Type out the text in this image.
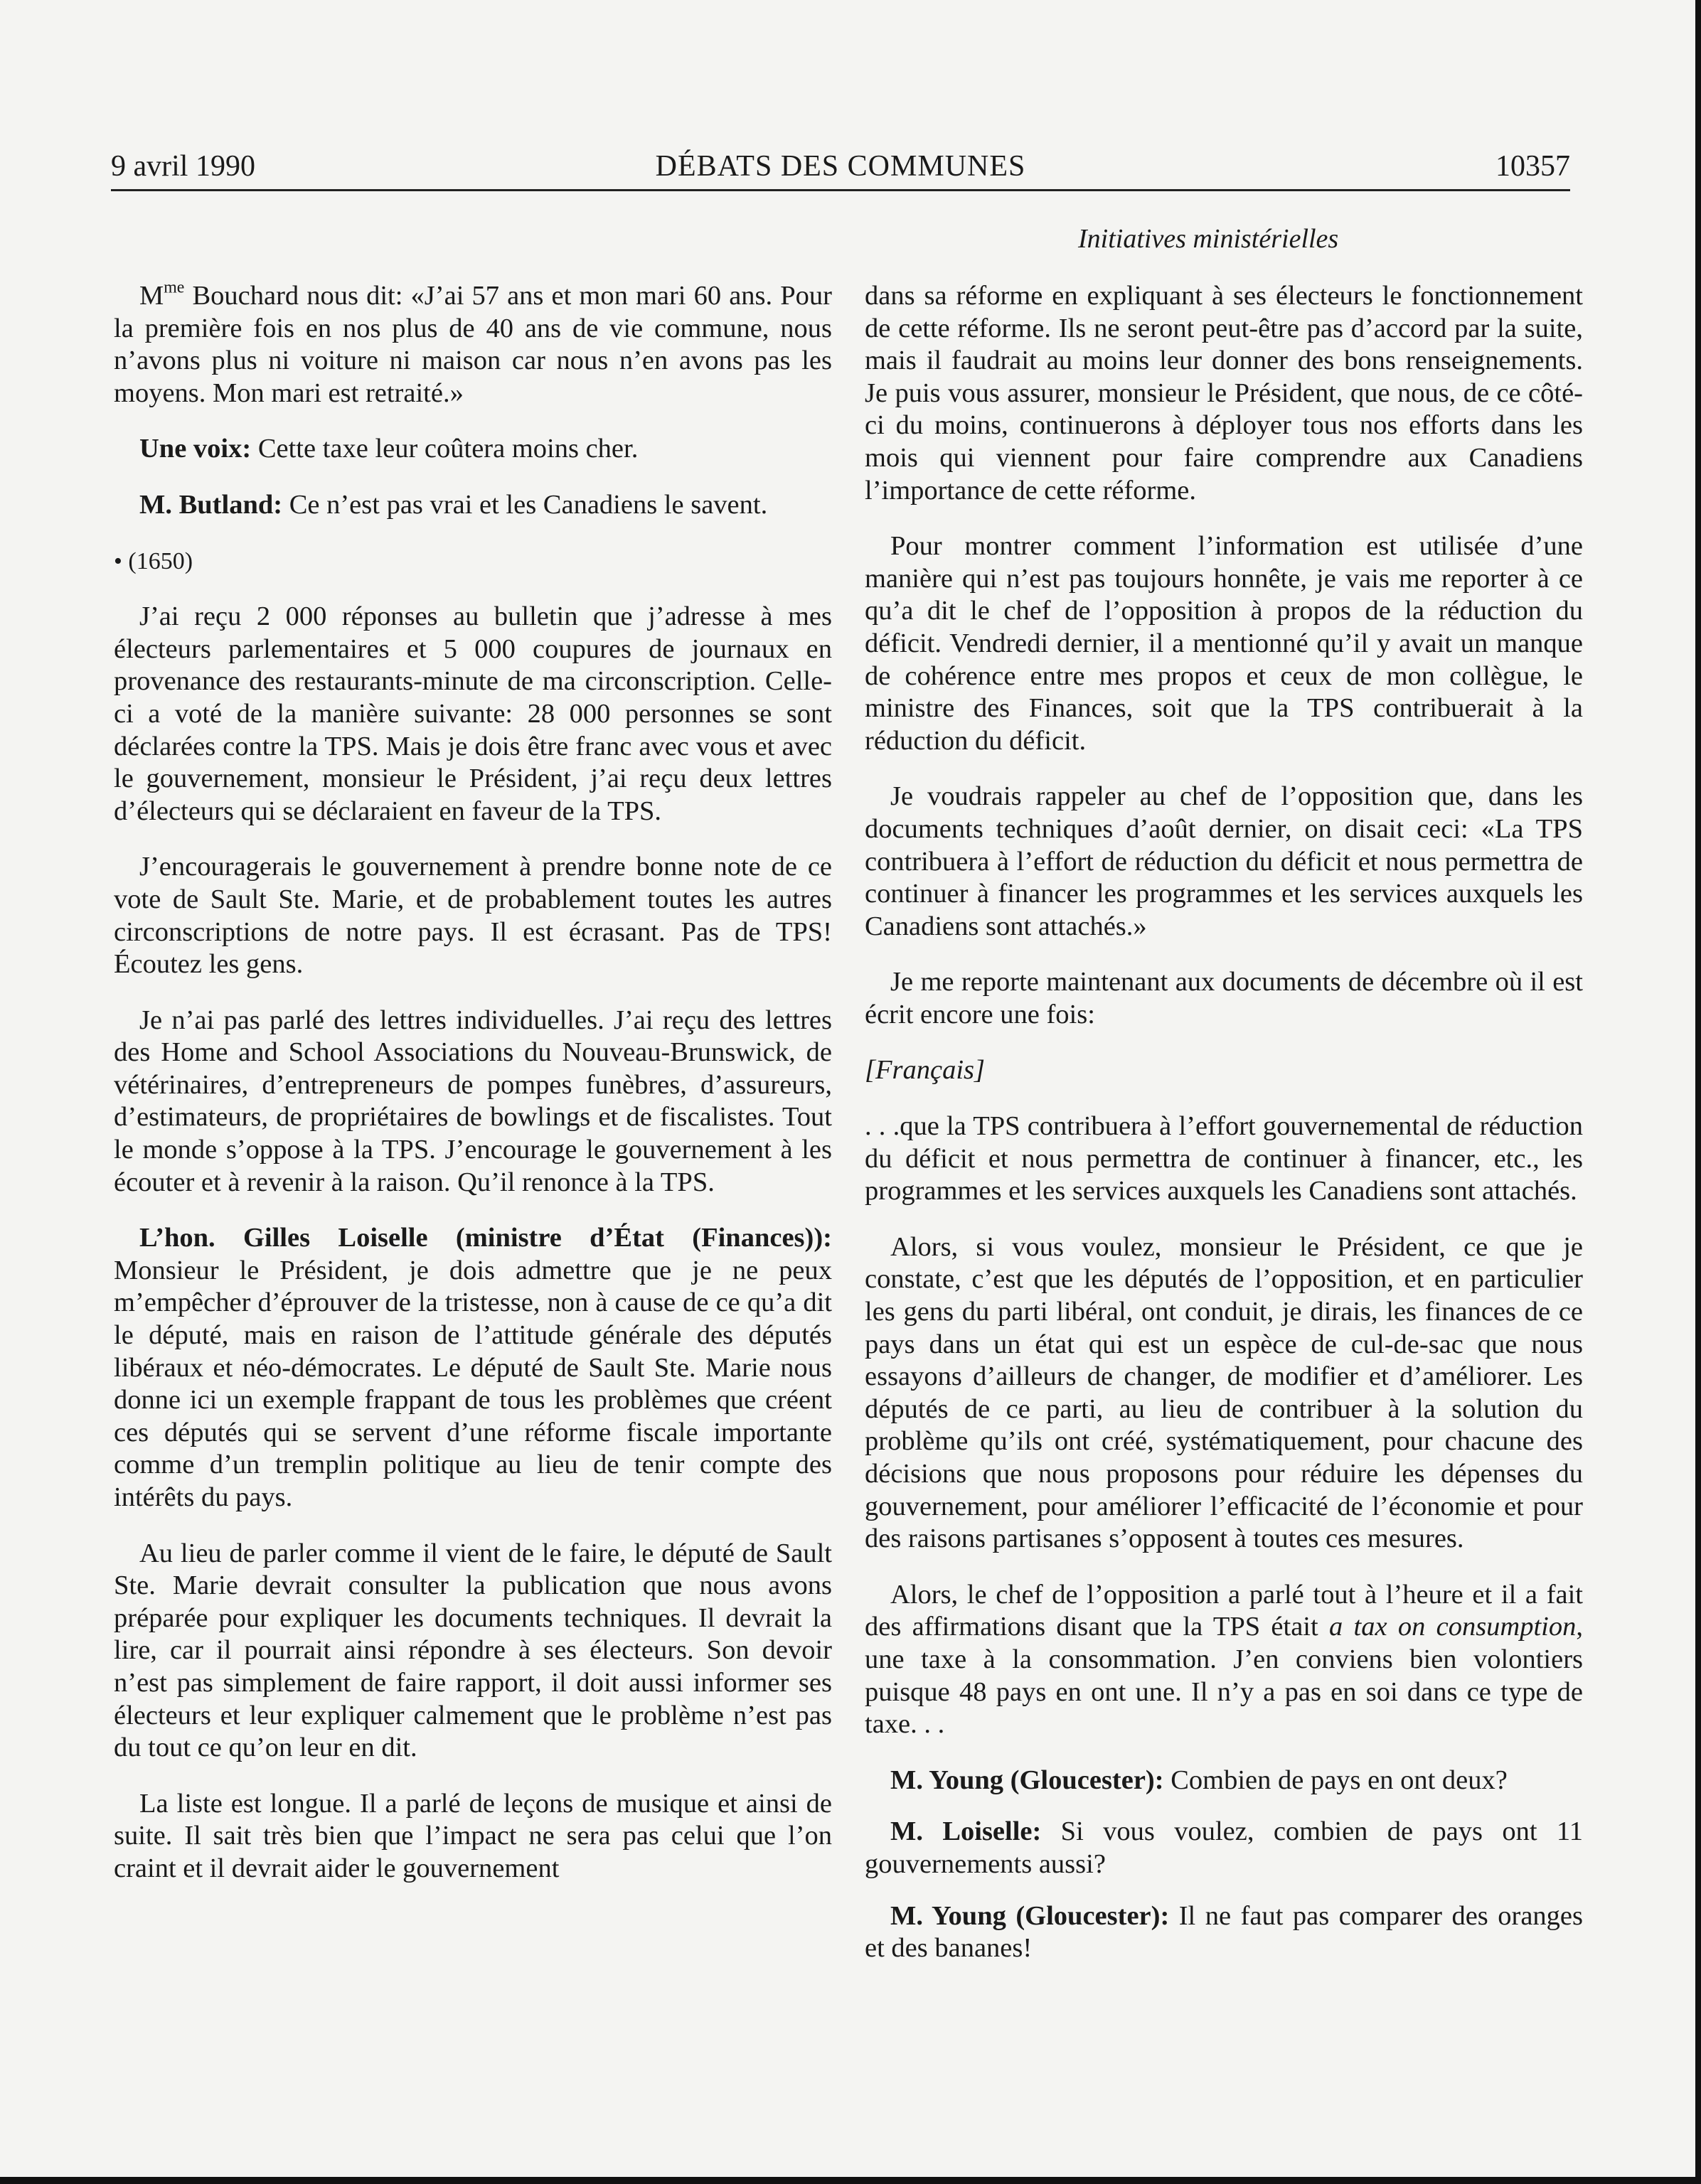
9 avril 1990	DÉBATS DES COMMUNES	10357
Initiatives ministérielles

$M^{me}$ Bouchard nous dit: «J’ai 57 ans et mon mari 60 ans. Pour la première fois en nos plus de 40 ans de vie commune, nous n’avons plus ni voiture ni maison car nous n’en avons pas les moyens. Mon mari est retraité.»

Une voix: Cette taxe leur coûtera moins cher.

M. Butland: Ce n’est pas vrai et les Canadiens le savent.

• (1650)

J’ai reçu 2 000 réponses au bulletin que j’adresse à mes électeurs parlementaires et 5 000 coupures de journaux en provenance des restaurants-minute de ma circonscription. Celle-ci a voté de la manière suivante: 28 000 personnes se sont déclarées contre la TPS. Mais je dois être franc avec vous et avec le gouvernement, monsieur le Président, j’ai reçu deux lettres d’électeurs qui se déclaraient en faveur de la TPS.

J’encouragerais le gouvernement à prendre bonne note de ce vote de Sault Ste. Marie, et de probablement toutes les autres circonscriptions de notre pays. Il est écrasant. Pas de TPS! Écoutez les gens.

Je n’ai pas parlé des lettres individuelles. J’ai reçu des lettres des Home and School Associations du Nouveau-Brunswick, de vétérinaires, d’entrepreneurs de pompes funèbres, d’assureurs, d’estimateurs, de propriétaires de bowlings et de fiscalistes. Tout le monde s’oppose à la TPS. J’encourage le gouvernement à les écouter et à revenir à la raison. Qu’il renonce à la TPS.

L’hon. Gilles Loiselle (ministre d’État (Finances)): Monsieur le Président, je dois admettre que je ne peux m’empêcher d’éprouver de la tristesse, non à cause de ce qu’a dit le député, mais en raison de l’attitude générale des députés libéraux et néo-démocrates. Le député de Sault Ste. Marie nous donne ici un exemple frappant de tous les problèmes que créent ces députés qui se servent d’une réforme fiscale importante comme d’un tremplin politique au lieu de tenir compte des intérêts du pays.

Au lieu de parler comme il vient de le faire, le député de Sault Ste. Marie devrait consulter la publication que nous avons préparée pour expliquer les documents techniques. Il devrait la lire, car il pourrait ainsi répondre à ses électeurs. Son devoir n’est pas simplement de faire rapport, il doit aussi informer ses électeurs et leur expliquer calmement que le problème n’est pas du tout ce qu’on leur en dit.

La liste est longue. Il a parlé de leçons de musique et ainsi de suite. Il sait très bien que l’impact ne sera pas celui que l’on craint et il devrait aider le gouvernement

dans sa réforme en expliquant à ses électeurs le fonctionnement de cette réforme. Ils ne seront peut-être pas d’accord par la suite, mais il faudrait au moins leur donner des bons renseignements. Je puis vous assurer, monsieur le Président, que nous, de ce côté-ci du moins, continuerons à déployer tous nos efforts dans les mois qui viennent pour faire comprendre aux Canadiens l’importance de cette réforme.

Pour montrer comment l’information est utilisée d’une manière qui n’est pas toujours honnête, je vais me reporter à ce qu’a dit le chef de l’opposition à propos de la réduction du déficit. Vendredi dernier, il a mentionné qu’il y avait un manque de cohérence entre mes propos et ceux de mon collègue, le ministre des Finances, soit que la TPS contribuerait à la réduction du déficit.

Je voudrais rappeler au chef de l’opposition que, dans les documents techniques d’août dernier, on disait ceci: «La TPS contribuera à l’effort de réduction du déficit et nous permettra de continuer à financer les programmes et les services auxquels les Canadiens sont attachés.»

Je me reporte maintenant aux documents de décembre où il est écrit encore une fois:

[Français]

. . .que la TPS contribuera à l’effort gouvernemental de réduction du déficit et nous permettra de continuer à financer, etc., les programmes et les services auxquels les Canadiens sont attachés.

Alors, si vous voulez, monsieur le Président, ce que je constate, c’est que les députés de l’opposition, et en particulier les gens du parti libéral, ont conduit, je dirais, les finances de ce pays dans un état qui est un espèce de cul-de-sac que nous essayons d’ailleurs de changer, de modifier et d’améliorer. Les députés de ce parti, au lieu de contribuer à la solution du problème qu’ils ont créé, systématiquement, pour chacune des décisions que nous proposons pour réduire les dépenses du gouvernement, pour améliorer l’efficacité de l’économie et pour des raisons partisanes s’opposent à toutes ces mesures.

Alors, le chef de l’opposition a parlé tout à l’heure et il a fait des affirmations disant que la TPS était a tax on consumption, une taxe à la consommation. J’en conviens bien volontiers puisque 48 pays en ont une. Il n’y a pas en soi dans ce type de taxe. . .

M. Young (Gloucester): Combien de pays en ont deux?

M. Loiselle: Si vous voulez, combien de pays ont 11 gouvernements aussi?

M. Young (Gloucester): Il ne faut pas comparer des oranges et des bananes!
